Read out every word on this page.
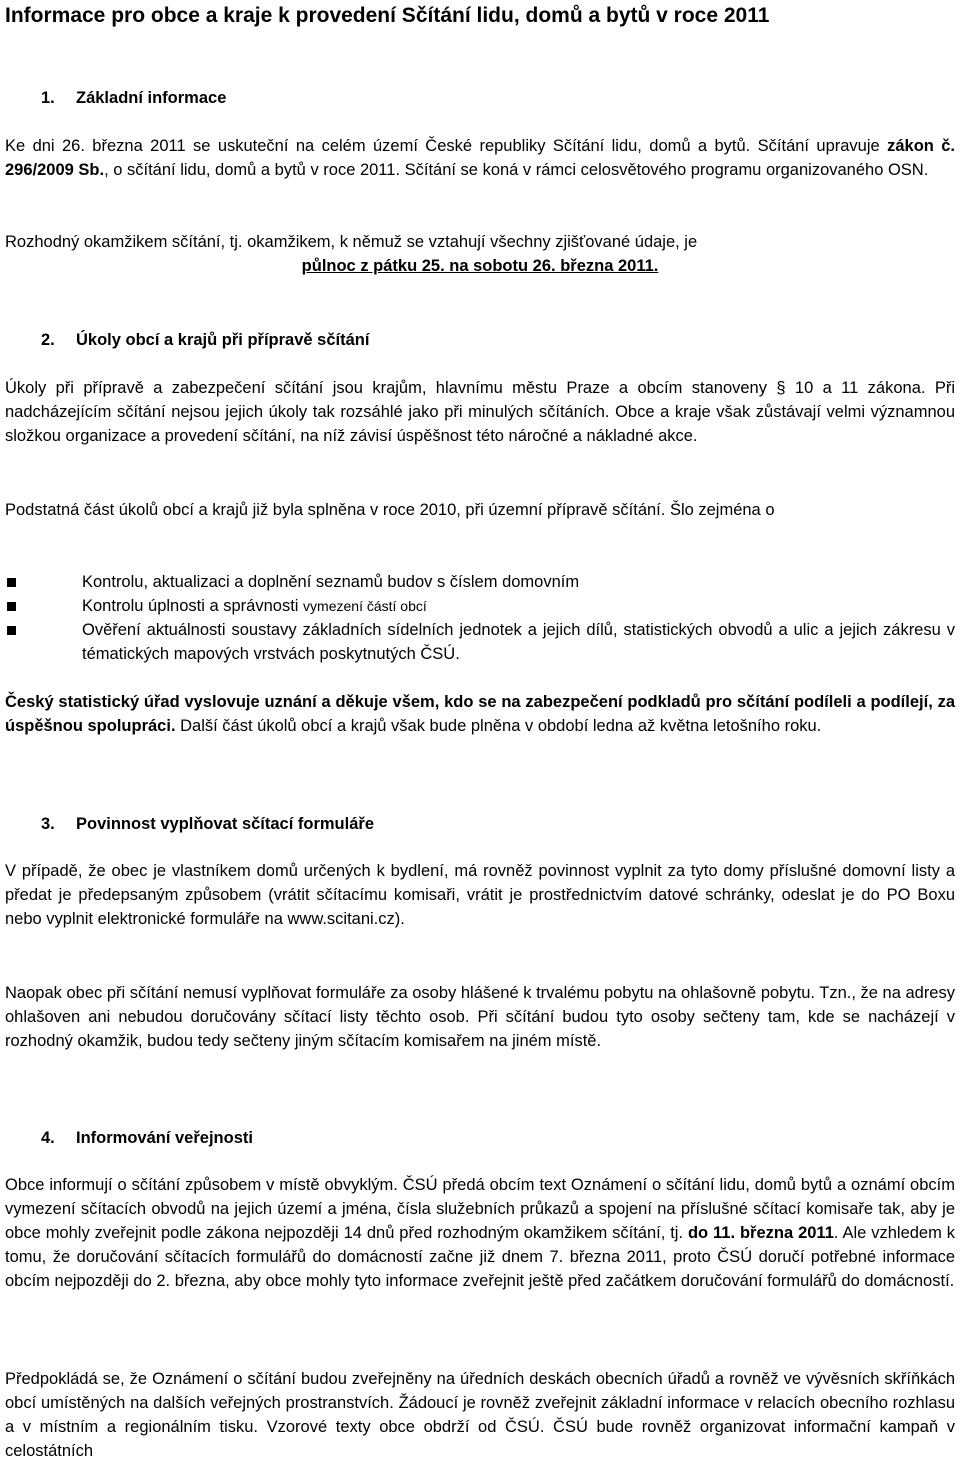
Informace pro obce a kraje k provedení Sčítání lidu, domů a bytů v roce 2011
1. Základní informace

Ke dni 26. března 2011 se uskuteční na celém území České republiky Sčítání lidu, domů a bytů. Sčítání upravuje zákon č. 296/2009 Sb., o sčítání lidu, domů a bytů v roce 2011. Sčítání se koná v rámci celosvětového programu organizovaného OSN.

Rozhodný okamžikem sčítání, tj. okamžikem, k němuž se vztahují všechny zjišťované údaje, je
půlnoc z pátku 25. na sobotu 26. března 2011.

2. Úkoly obcí a krajů při přípravě sčítání

Úkoly při přípravě a zabezpečení sčítání jsou krajům, hlavnímu městu Praze a obcím stanoveny § 10 a 11 zákona. Při nadcházejícím sčítání nejsou jejich úkoly tak rozsáhlé jako při minulých sčítáních. Obce a kraje však zůstávají velmi významnou složkou organizace a provedení sčítání, na níž závisí úspěšnost této náročné a nákladné akce.

Podstatná část úkolů obcí a krajů již byla splněna v roce 2010, při územní přípravě sčítání. Šlo zejména o

Kontrolu, aktualizaci a doplnění seznamů budov s číslem domovním
Kontrolu úplnosti a správnosti vymezení částí obcí
Ověření aktuálnosti soustavy základních sídelních jednotek a jejich dílů, statistických obvodů a ulic a jejich zákresu v tématických mapových vrstvách poskytnutých ČSÚ.

Český statistický úřad vyslovuje uznání a děkuje všem, kdo se na zabezpečení podkladů pro sčítání podíleli a podílejí, za úspěšnou spolupráci. Další část úkolů obcí a krajů však bude plněna v období ledna až května letošního roku.

3. Povinnost vyplňovat sčítací formuláře

V případě, že obec je vlastníkem domů určených k bydlení, má rovněž povinnost vyplnit za tyto domy příslušné domovní listy a předat je předepsaným způsobem (vrátit sčítacímu komisaři, vrátit je prostřednictvím datové schránky, odeslat je do PO Boxu nebo vyplnit elektronické formuláře na www.scitani.cz).

Naopak obec při sčítání nemusí vyplňovat formuláře za osoby hlášené k trvalému pobytu na ohlašovně pobytu. Tzn., že na adresy ohlašoven ani nebudou doručovány sčítací listy těchto osob. Při sčítání budou tyto osoby sečteny tam, kde se nacházejí v rozhodný okamžik, budou tedy sečteny jiným sčítacím komisařem na jiném místě.

4. Informování veřejnosti

Obce informují o sčítání způsobem v místě obvyklým. ČSÚ předá obcím text Oznámení o sčítání lidu, domů bytů a oznámí obcím vymezení sčítacích obvodů na jejich území a jména, čísla služebních průkazů a spojení na příslušné sčítací komisaře tak, aby je obce mohly zveřejnit podle zákona nejpozději 14 dnů před rozhodným okamžikem sčítání, tj. do 11. března 2011. Ale vzhledem k tomu, že doručování sčítacích formulářů do domácností začne již dnem 7. března 2011, proto ČSÚ doručí potřebné informace obcím nejpozději do 2. března, aby obce mohly tyto informace zveřejnit ještě před začátkem doručování formulářů do domácností.

Předpokládá se, že Oznámení o sčítání budou zveřejněny na úředních deskách obecních úřadů a rovněž ve vývěsních skříňkách obcí umístěných na dalších veřejných prostranstvích. Žádoucí je rovněž zveřejnit základní informace v relacích obecního rozhlasu a v místním a regionálním tisku. Vzorové texty obce obdrží od ČSÚ. ČSÚ bude rovněž organizovat informační kampaň v celostátních
